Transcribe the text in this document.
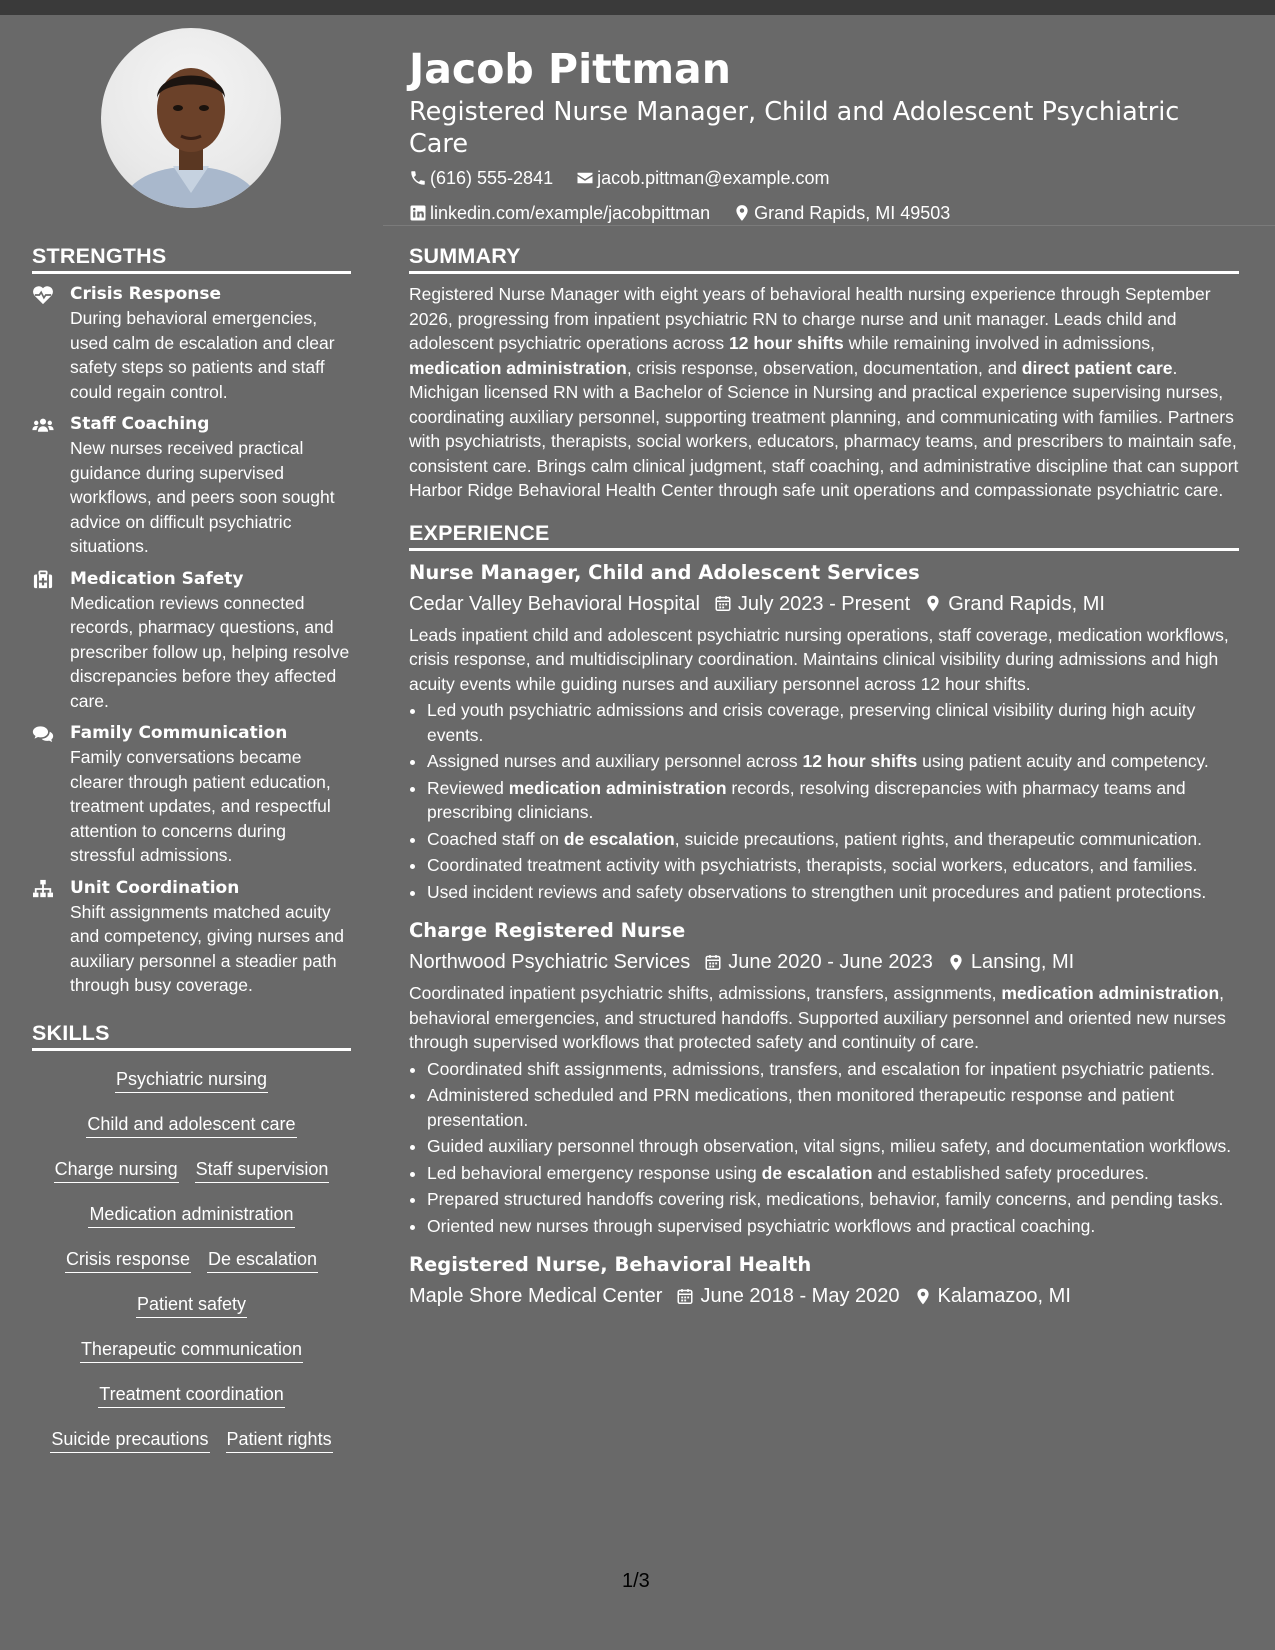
Jacob Pittman
Registered Nurse Manager, Child and Adolescent Psychiatric Care
(616) 555-2841
jacob.pittman@example.com
linkedin.com/example/jacobpittman
Grand Rapids, MI 49503
STRENGTHS
Crisis Response
During behavioral emergencies, used calm de escalation and clear safety steps so patients and staff could regain control.
Staff Coaching
New nurses received practical guidance during supervised workflows, and peers soon sought advice on difficult psychiatric situations.
Medication Safety
Medication reviews connected records, pharmacy questions, and prescriber follow up, helping resolve discrepancies before they affected care.
Family Communication
Family conversations became clearer through patient education, treatment updates, and respectful attention to concerns during stressful admissions.
Unit Coordination
Shift assignments matched acuity and competency, giving nurses and auxiliary personnel a steadier path through busy coverage.
SKILLS
Psychiatric nursing
Child and adolescent care
Charge nursing Staff supervision
Medication administration
Crisis response De escalation
Patient safety
Therapeutic communication
Treatment coordination
Suicide precautions Patient rights
SUMMARY
Registered Nurse Manager with eight years of behavioral health nursing experience through September 2026, progressing from inpatient psychiatric RN to charge nurse and unit manager. Leads child and adolescent psychiatric operations across 12 hour shifts while remaining involved in admissions, medication administration, crisis response, observation, documentation, and direct patient care. Michigan licensed RN with a Bachelor of Science in Nursing and practical experience supervising nurses, coordinating auxiliary personnel, supporting treatment planning, and communicating with families. Partners with psychiatrists, therapists, social workers, educators, pharmacy teams, and prescribers to maintain safe, consistent care. Brings calm clinical judgment, staff coaching, and administrative discipline that can support Harbor Ridge Behavioral Health Center through safe unit operations and compassionate psychiatric care.
EXPERIENCE
Nurse Manager, Child and Adolescent Services
Cedar Valley Behavioral Hospital July 2023 - Present Grand Rapids, MI
Leads inpatient child and adolescent psychiatric nursing operations, staff coverage, medication workflows, crisis response, and multidisciplinary coordination. Maintains clinical visibility during admissions and high acuity events while guiding nurses and auxiliary personnel across 12 hour shifts.
• Led youth psychiatric admissions and crisis coverage, preserving clinical visibility during high acuity events.
• Assigned nurses and auxiliary personnel across 12 hour shifts using patient acuity and competency.
• Reviewed medication administration records, resolving discrepancies with pharmacy teams and prescribing clinicians.
• Coached staff on de escalation, suicide precautions, patient rights, and therapeutic communication.
• Coordinated treatment activity with psychiatrists, therapists, social workers, educators, and families.
• Used incident reviews and safety observations to strengthen unit procedures and patient protections.
Charge Registered Nurse
Northwood Psychiatric Services June 2020 - June 2023 Lansing, MI
Coordinated inpatient psychiatric shifts, admissions, transfers, assignments, medication administration, behavioral emergencies, and structured handoffs. Supported auxiliary personnel and oriented new nurses through supervised workflows that protected safety and continuity of care.
• Coordinated shift assignments, admissions, transfers, and escalation for inpatient psychiatric patients.
• Administered scheduled and PRN medications, then monitored therapeutic response and patient presentation.
• Guided auxiliary personnel through observation, vital signs, milieu safety, and documentation workflows.
• Led behavioral emergency response using de escalation and established safety procedures.
• Prepared structured handoffs covering risk, medications, behavior, family concerns, and pending tasks.
• Oriented new nurses through supervised psychiatric workflows and practical coaching.
Registered Nurse, Behavioral Health
Maple Shore Medical Center June 2018 - May 2020 Kalamazoo, MI
1/3
